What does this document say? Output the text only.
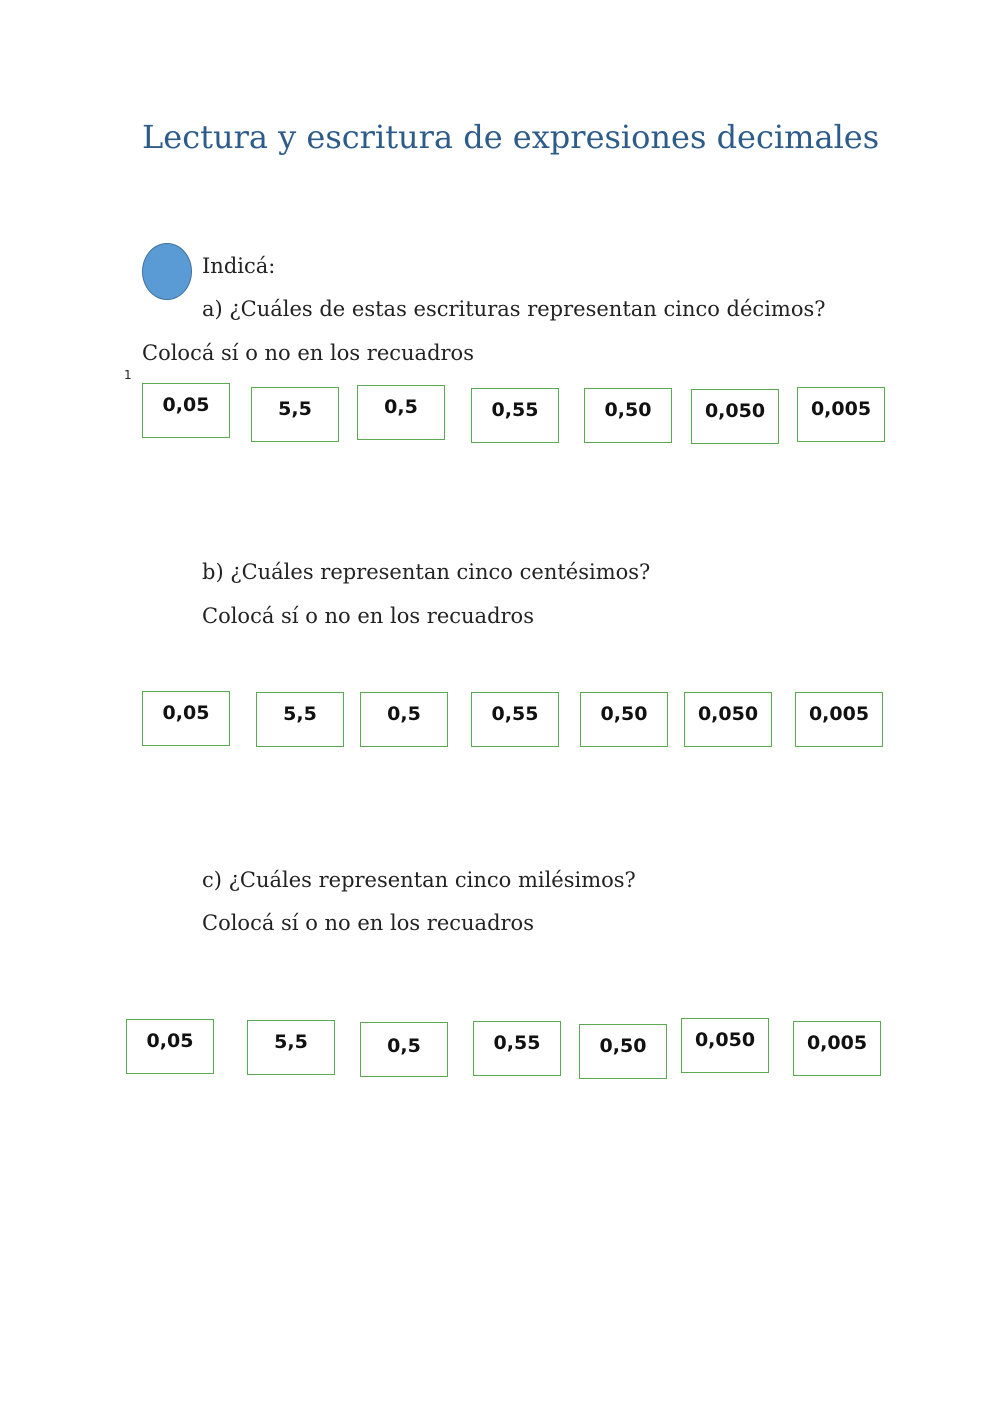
Lectura y escritura de expresiones decimales
Indicá:
a) ¿Cuáles de estas escrituras representan cinco décimos?
Colocá sí o no en los recuadros
1
0,05	5,5	0,5	0,55	0,50	0,050	0,005
b) ¿Cuáles representan cinco centésimos?
Colocá sí o no en los recuadros
0,05	5,5	0,5	0,55	0,50	0,050	0,005
c) ¿Cuáles representan cinco milésimos?
Colocá sí o no en los recuadros
0,05	5,5	0,5	0,55	0,50	0,050	0,005
